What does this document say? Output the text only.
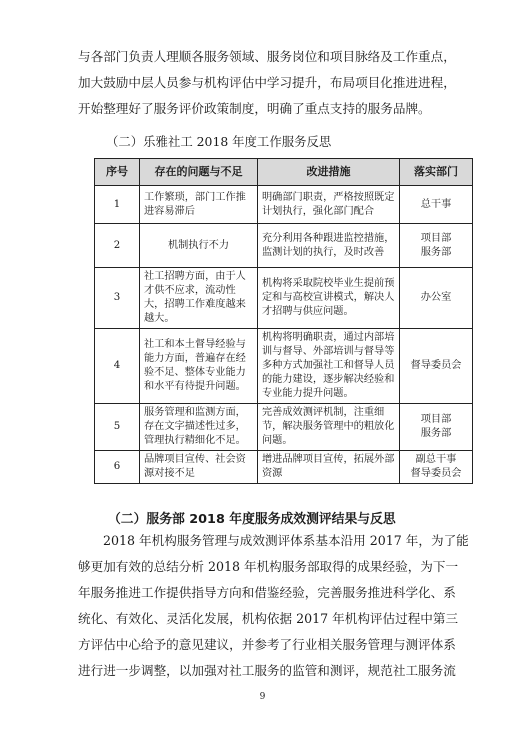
与各部门负责人理顺各服务领域、服务岗位和项目脉络及工作重点，

加大鼓励中层人员参与机构评估中学习提升，布局项目化推进进程，

开始整理好了服务评价政策制度，明确了重点支持的服务品牌。

（二）乐雅社工 2018 年度工作服务反思
序号	存在的问题与不足	改进措施	落实部门
1	工作繁琐，部门工作推进容易滞后	明确部门职责，严格按照既定计划执行，强化部门配合	总干事
2	机制执行不力	充分利用各种跟进监控措施，监测计划的执行，及时改善	项目部
服务部
3	社工招聘方面，由于人才供不应求，流动性大，招聘工作难度越来越大。	机构将采取院校毕业生提前预定和与高校宣讲模式，解决人才招聘与供应问题。	办公室
4	社工和本土督导经验与能力方面，普遍存在经验不足、整体专业能力和水平有待提升问题。	机构将明确职责，通过内部培训与督导、外部培训与督导等多种方式加强社工和督导人员的能力建设，逐步解决经验和专业能力提升问题。	督导委员会
5	服务管理和监测方面，存在文字描述性过多，管理执行精细化不足。	完善成效测评机制，注重细节，解决服务管理中的粗放化问题。	项目部
服务部
6	品牌项目宣传、社会资源对接不足	增进品牌项目宣传，拓展外部资源	副总干事
督导委员会
（二）服务部 2018 年度服务成效测评结果与反思

2018 年机构服务管理与成效测评体系基本沿用 2017 年，为了能

够更加有效的总结分析 2018 年机构服务部取得的成果经验，为下一

年服务推进工作提供指导方向和借鉴经验，完善服务推进科学化、系

统化、有效化、灵活化发展，机构依据 2017 年机构评估过程中第三

方评估中心给予的意见建议，并参考了行业相关服务管理与测评体系

进行进一步调整，以加强对社工服务的监管和测评，规范社工服务流

9
